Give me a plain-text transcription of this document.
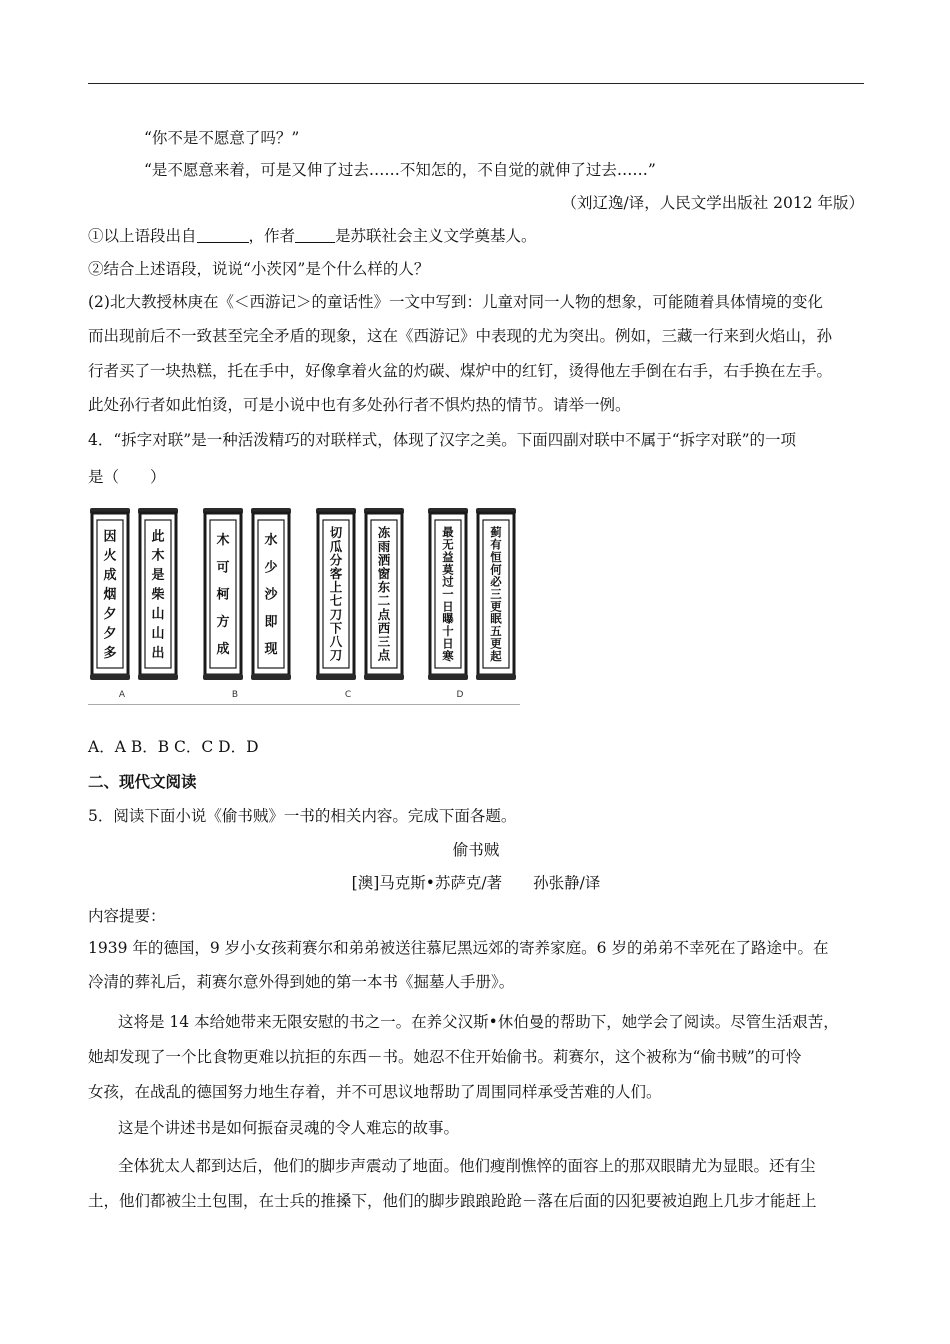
“你不是不愿意了吗？”
“是不愿意来着，可是又伸了过去……不知怎的，不自觉的就伸了过去……”
（刘辽逸/译，人民文学出版社 2012 年版）
①以上语段出自	，作者	是苏联社会主义文学奠基人。
②结合上述语段，说说“小茨冈”是个什么样的人？
(2)北大教授林庚在《＜西游记＞的童话性》一文中写到：儿童对同一人物的想象，可能随着具体情境的变化
而出现前后不一致甚至完全矛盾的现象，这在《西游记》中表现的尤为突出。例如，三藏一行来到火焰山，孙
行者买了一块热糕，托在手中，好像拿着火盆的灼碳、煤炉中的红钉，烫得他左手倒在右手，右手换在左手。
此处孙行者如此怕烫，可是小说中也有多处孙行者不惧灼热的情节。请举一例。
4．“拆字对联”是一种活泼精巧的对联样式，体现了汉字之美。下面四副对联中不属于“拆字对联”的一项
是（　　）
因
火
成
烟
夕
夕
多
此
木
是
柴
山
山
出
A
木
可
柯
方
成
水
少
沙
即
现
B
切
瓜
分
客
上
七
刀
下
八
刀
冻
雨
洒
窗
东
二
点
西
三
点
C
最
无
益
莫
过
一
日
曝
十
日
寒
蓟
有
恒
何
必
三
更
眠
五
更
起
D
A．A B．B C．C D．D
二、现代文阅读
5．阅读下面小说《偷书贼》一书的相关内容。完成下面各题。
偷书贼
[澳]马克斯•苏萨克/著　　孙张静/译
内容提要：
1939 年的德国，9 岁小女孩莉赛尔和弟弟被送往慕尼黑远郊的寄养家庭。6 岁的弟弟不幸死在了路途中。在
冷清的葬礼后，莉赛尔意外得到她的第一本书《掘墓人手册》。
这将是 14 本给她带来无限安慰的书之一。在养父汉斯•休伯曼的帮助下，她学会了阅读。尽管生活艰苦，
她却发现了一个比食物更难以抗拒的东西－书。她忍不住开始偷书。莉赛尔，这个被称为“偷书贼”的可怜
女孩，在战乱的德国努力地生存着，并不可思议地帮助了周围同样承受苦难的人们。
这是个讲述书是如何振奋灵魂的令人难忘的故事。
全体犹太人都到达后，他们的脚步声震动了地面。他们瘦削憔悴的面容上的那双眼睛尤为显眼。还有尘
土，他们都被尘土包围，在士兵的推搡下，他们的脚步踉踉跄跄－落在后面的囚犯要被迫跑上几步才能赶上
